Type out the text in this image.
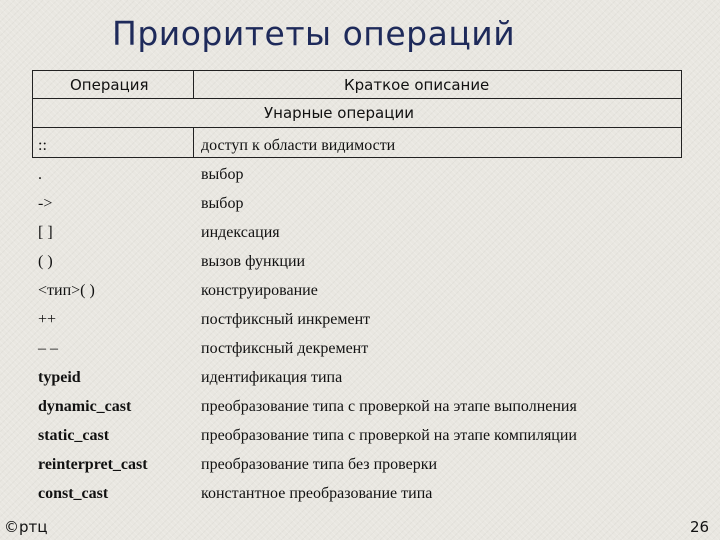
Приоритеты операций
Операция	Краткое описание
Унарные операции
::	доступ к области видимости
.	выбор
->	выбор
[ ]	индексация
( )	вызов функции
<тип>( )	конструирование
++	постфиксный инкремент
– –	постфиксный декремент
typeid	идентификация типа
dynamic_cast	преобразование типа с проверкой на этапе выполнения
static_cast	преобразование типа с проверкой на этапе компиляции
reinterpret_cast	преобразование типа без проверки
const_cast	константное преобразование типа
©ртц	26
